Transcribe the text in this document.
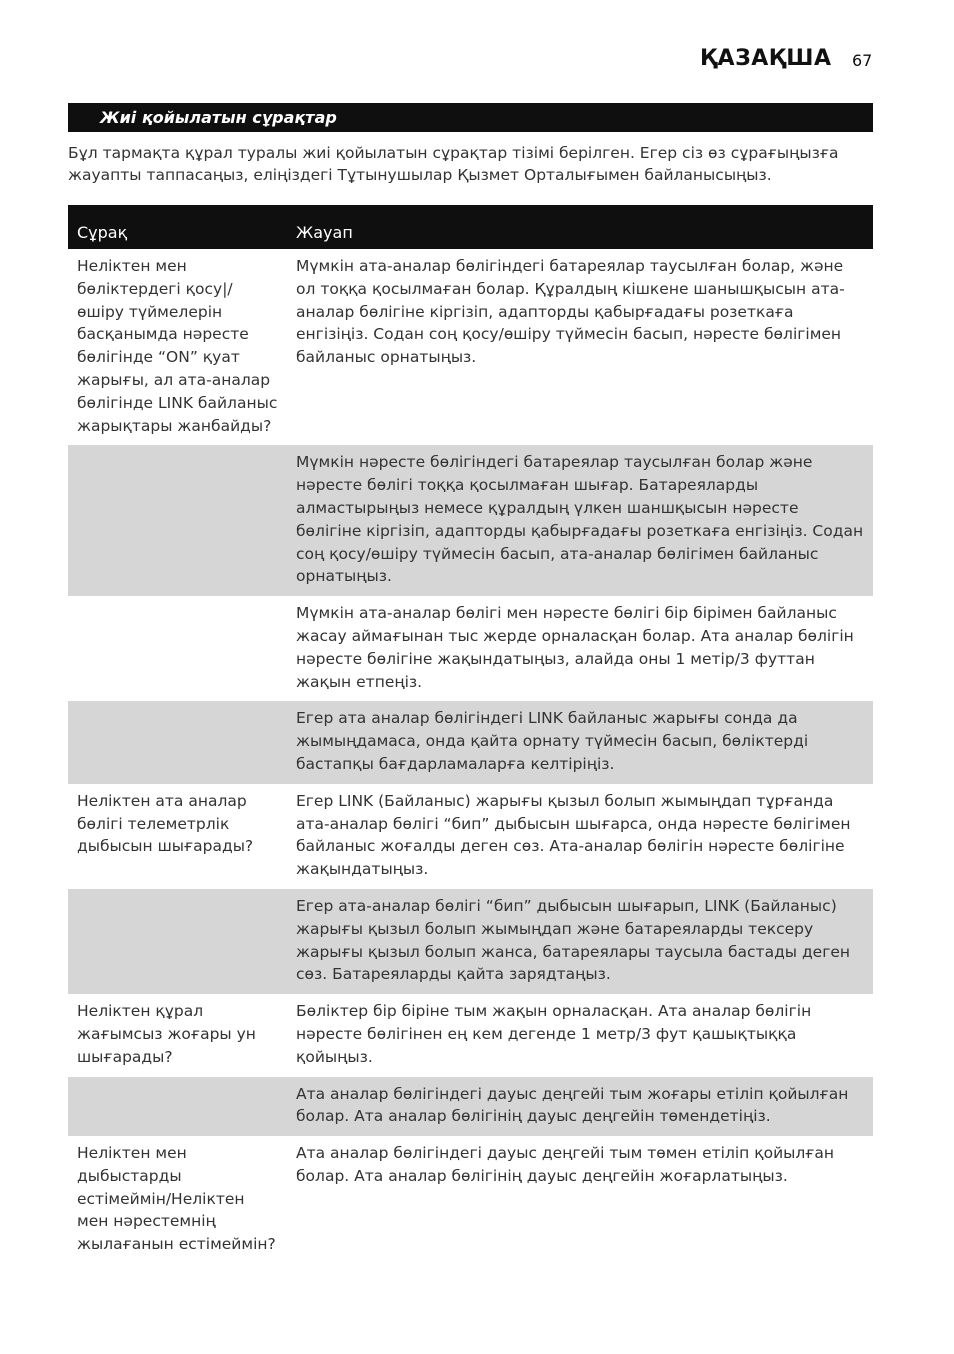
ҚАЗАҚША 67
Жиі қойылатын сұрақтар
Бұл тармақта құрал туралы жиі қойылатын сұрақтар тізімі берілген. Егер сіз өз сұрағыңызға жауапты таппасаңыз, еліңіздегі Тұтынушылар Қызмет Орталығымен байланысыңыз.
Сұрақ	Жауап
Неліктен мен бөліктердегі қосу|/өшіру түймелерін басқанымда нәресте бөлігінде “ON” қуат жарығы, ал ата-аналар бөлігінде LINK байланыс жарықтары жанбайды?	Мүмкін ата-аналар бөлігіндегі батареялар таусылған болар, және ол тоққа қосылмаған болар. Құралдың кішкене шанышқысын ата-аналар бөлігіне кіргізіп, адапторды қабырғадағы розеткаға енгізіңіз. Содан соң қосу/өшіру түймесін басып, нәресте бөлігімен байланыс орнатыңыз.
	Мүмкін нәресте бөлігіндегі батареялар таусылған болар және нәресте бөлігі тоққа қосылмаған шығар. Батареяларды алмастырыңыз немесе құралдың үлкен шаншқысын нәресте бөлігіне кіргізіп, адапторды қабырғадағы розеткаға енгізіңіз. Содан соң қосу/өшіру түймесін басып, ата-аналар бөлігімен байланыс орнатыңыз.
	Мүмкін ата-аналар бөлігі мен нәресте бөлігі бір бірімен байланыс жасау аймағынан тыс жерде орналасқан болар. Ата аналар бөлігін нәресте бөлігіне жақындатыңыз, алайда оны 1 метір/3 футтан жақын етпеңіз.
	Егер ата аналар бөлігіндегі LINK байланыс жарығы сонда да жымыңдамаса, онда қайта орнату түймесін басып, бөліктерді бастапқы бағдарламаларға келтіріңіз.
Неліктен ата аналар бөлігі телеметрлік дыбысын шығарады?	Егер LINK (Байланыс) жарығы қызыл болып жымыңдап тұрғанда ата-аналар бөлігі “бип” дыбысын шығарса, онда нәресте бөлігімен байланыс жоғалды деген сөз. Ата-аналар бөлігін нәресте бөлігіне жақындатыңыз.
	Егер ата-аналар бөлігі “бип” дыбысын шығарып, LINK (Байланыс) жарығы қызыл болып жымыңдап және батареяларды тексеру жарығы қызыл болып жанса, батареялары таусыла бастады деген сөз. Батареяларды қайта зарядтаңыз.
Неліктен құрал жағымсыз жоғары ун шығарады?	Бөліктер бір біріне тым жақын орналасқан. Ата аналар бөлігін нәресте бөлігінен ең кем дегенде 1 метр/3 фут қашықтыққа қойыңыз.
	Ата аналар бөлігіндегі дауыс деңгейі тым жоғары етіліп қойылған болар. Ата аналар бөлігінің дауыс деңгейін төмендетіңіз.
Неліктен мен дыбыстарды естімеймін/Неліктен мен нәрестемнің жылағанын естімеймін?	Ата аналар бөлігіндегі дауыс деңгейі тым төмен етіліп қойылған болар. Ата аналар бөлігінің дауыс деңгейін жоғарлатыңыз.
